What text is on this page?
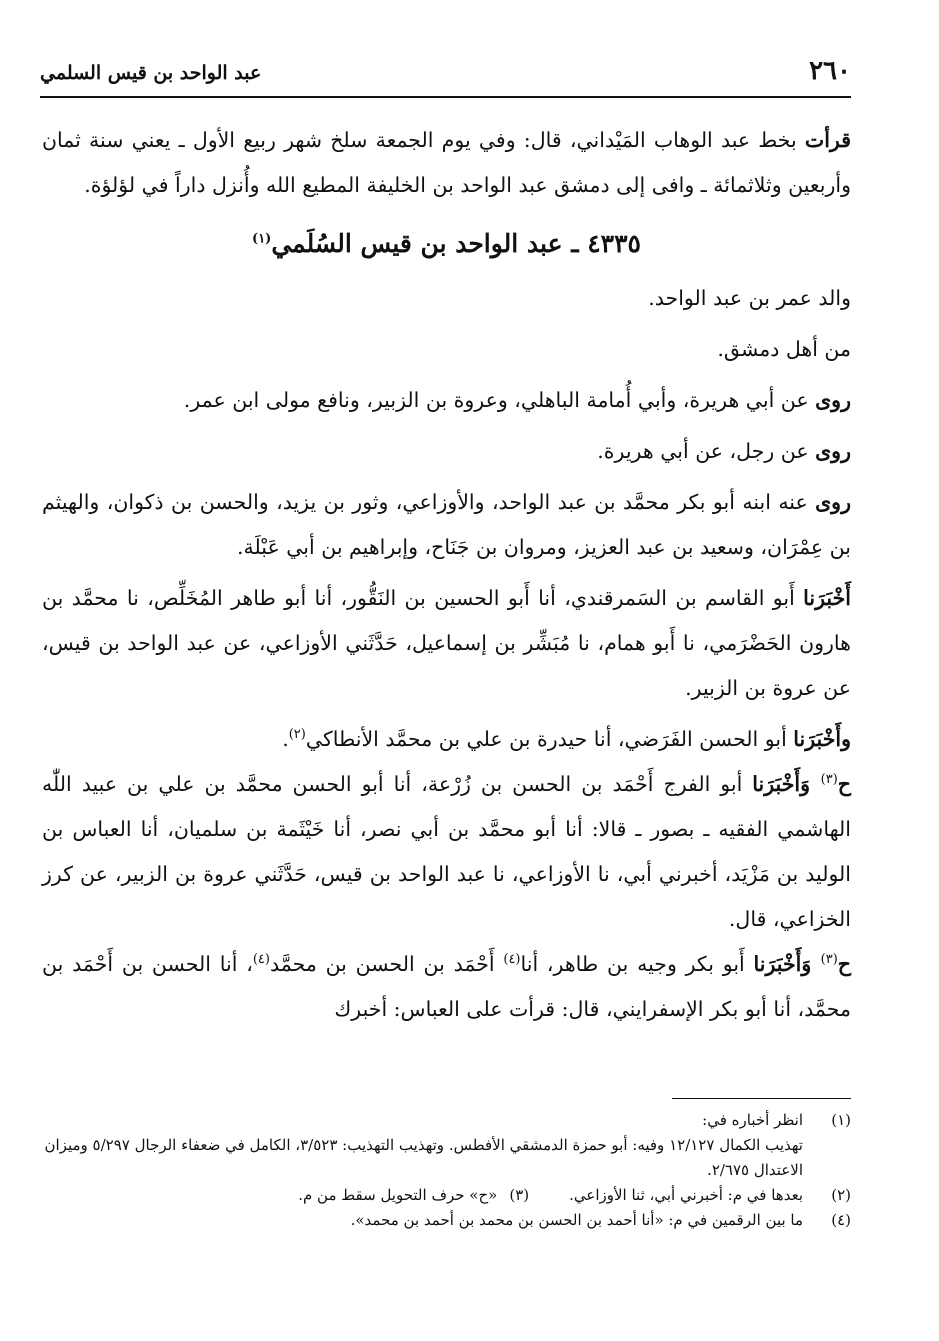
٢٦٠
عبد الواحد بن قيس السلمي

قرأت بخط عبد الوهاب المَيْداني، قال: وفي يوم الجمعة سلخ شهر ربيع الأول ـ يعني سنة ثمان وأربعين وثلاثمائة ـ وافى إلى دمشق عبد الواحد بن الخليفة المطيع الله وأُنزل داراً في لؤلؤة.

٤٣٣٥ ـ عبد الواحد بن قيس السُلَمي$^{(١)}$

والد عمر بن عبد الواحد.

من أهل دمشق.

روى عن أبي هريرة، وأبي أُمامة الباهلي، وعروة بن الزبير، ونافع مولى ابن عمر.

روى عن رجل، عن أبي هريرة.

روى عنه ابنه أبو بكر محمَّد بن عبد الواحد، والأوزاعي، وثور بن يزيد، والحسن بن ذكوان، والهيثم بن عِمْرَان، وسعيد بن عبد العزيز، ومروان بن جَنَاح، وإبراهيم بن أبي عَبْلَة.

أَخْبَرَنا أَبو القاسم بن السَمرقندي، أنا أَبو الحسين بن النَقُّور، أنا أبو طاهر المُخَلِّص، نا محمَّد بن هارون الحَضْرَمي، نا أَبو همام، نا مُبَشِّر بن إسماعيل، حَدَّثَني الأوزاعي، عن عبد الواحد بن قيس، عن عروة بن الزبير.

وأَخْبَرَنا أبو الحسن الفَرَضي، أنا حيدرة بن علي بن محمَّد الأنطاكي$^{(٢)}$.

ح$^{(٣)}$ وَأَخْبَرَنا أبو الفرج أَحْمَد بن الحسن بن زُرْعة، أنا أبو الحسن محمَّد بن علي بن عبيد اللّٰه الهاشمي الفقيه ـ بصور ـ قالا: أنا أبو محمَّد بن أبي نصر، أنا خَيْثَمة بن سلميان، أنا العباس بن الوليد بن مَزْيَد، أخبرني أبي، نا الأوزاعي، نا عبد الواحد بن قيس، حَدَّثَني عروة بن الزبير، عن كرز الخزاعي، قال.

ح$^{(٣)}$ وَأَخْبَرَنا أَبو بكر وجيه بن طاهر، أنا$^{(٤)}$ أَحْمَد بن الحسن بن محمَّد$^{(٤)}$، أنا الحسن بن أَحْمَد بن محمَّد، أنا أبو بكر الإسفرايني، قال: قرأت على العباس: أخبرك

(١)
انظر أخباره في:
تهذيب الكمال ١٢/١٢٧ وفيه: أبو حمزة الدمشقي الأفطس. وتهذيب التهذيب: ٣/٥٢٣، الكامل في ضعفاء الرجال ٥/٢٩٧ وميزان الاعتدال ٢/٦٧٥.
(٢)
بعدها في م: أخبرني أبي، ثنا الأوزاعي.
(٣)
«ح» حرف التحويل سقط من م.
(٤)
ما بين الرقمين في م: «أنا أحمد بن الحسن بن محمد بن أحمد بن محمد».
